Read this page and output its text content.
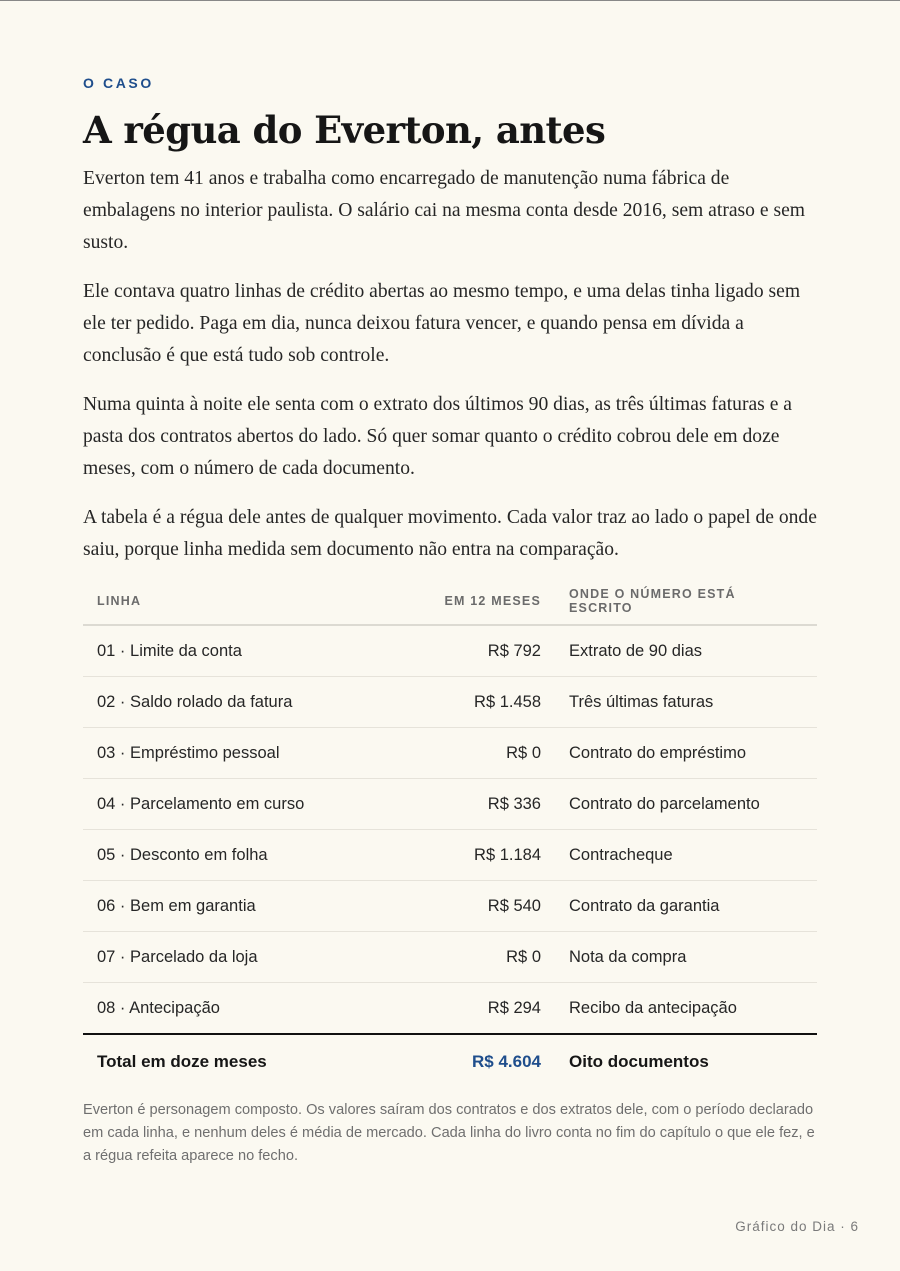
O CASO
A régua do Everton, antes

Everton tem 41 anos e trabalha como encarregado de manutenção numa fábrica de embalagens no interior paulista. O salário cai na mesma conta desde 2016, sem atraso e sem susto.

Ele contava quatro linhas de crédito abertas ao mesmo tempo, e uma delas tinha ligado sem ele ter pedido. Paga em dia, nunca deixou fatura vencer, e quando pensa em dívida a conclusão é que está tudo sob controle.

Numa quinta à noite ele senta com o extrato dos últimos 90 dias, as três últimas faturas e a pasta dos contratos abertos do lado. Só quer somar quanto o crédito cobrou dele em doze meses, com o número de cada documento.

A tabela é a régua dele antes de qualquer movimento. Cada valor traz ao lado o papel de onde saiu, porque linha medida sem documento não entra na comparação.

LINHA	EM 12 MESES	ONDE O NÚMERO ESTÁ ESCRITO
01 · Limite da conta	R$ 792	Extrato de 90 dias
02 · Saldo rolado da fatura	R$ 1.458	Três últimas faturas
03 · Empréstimo pessoal	R$ 0	Contrato do empréstimo
04 · Parcelamento em curso	R$ 336	Contrato do parcelamento
05 · Desconto em folha	R$ 1.184	Contracheque
06 · Bem em garantia	R$ 540	Contrato da garantia
07 · Parcelado da loja	R$ 0	Nota da compra
08 · Antecipação	R$ 294	Recibo da antecipação
Total em doze meses	R$ 4.604	Oito documentos

Everton é personagem composto. Os valores saíram dos contratos e dos extratos dele, com o período declarado em cada linha, e nenhum deles é média de mercado. Cada linha do livro conta no fim do capítulo o que ele fez, e a régua refeita aparece no fecho.

Gráfico do Dia · 6
